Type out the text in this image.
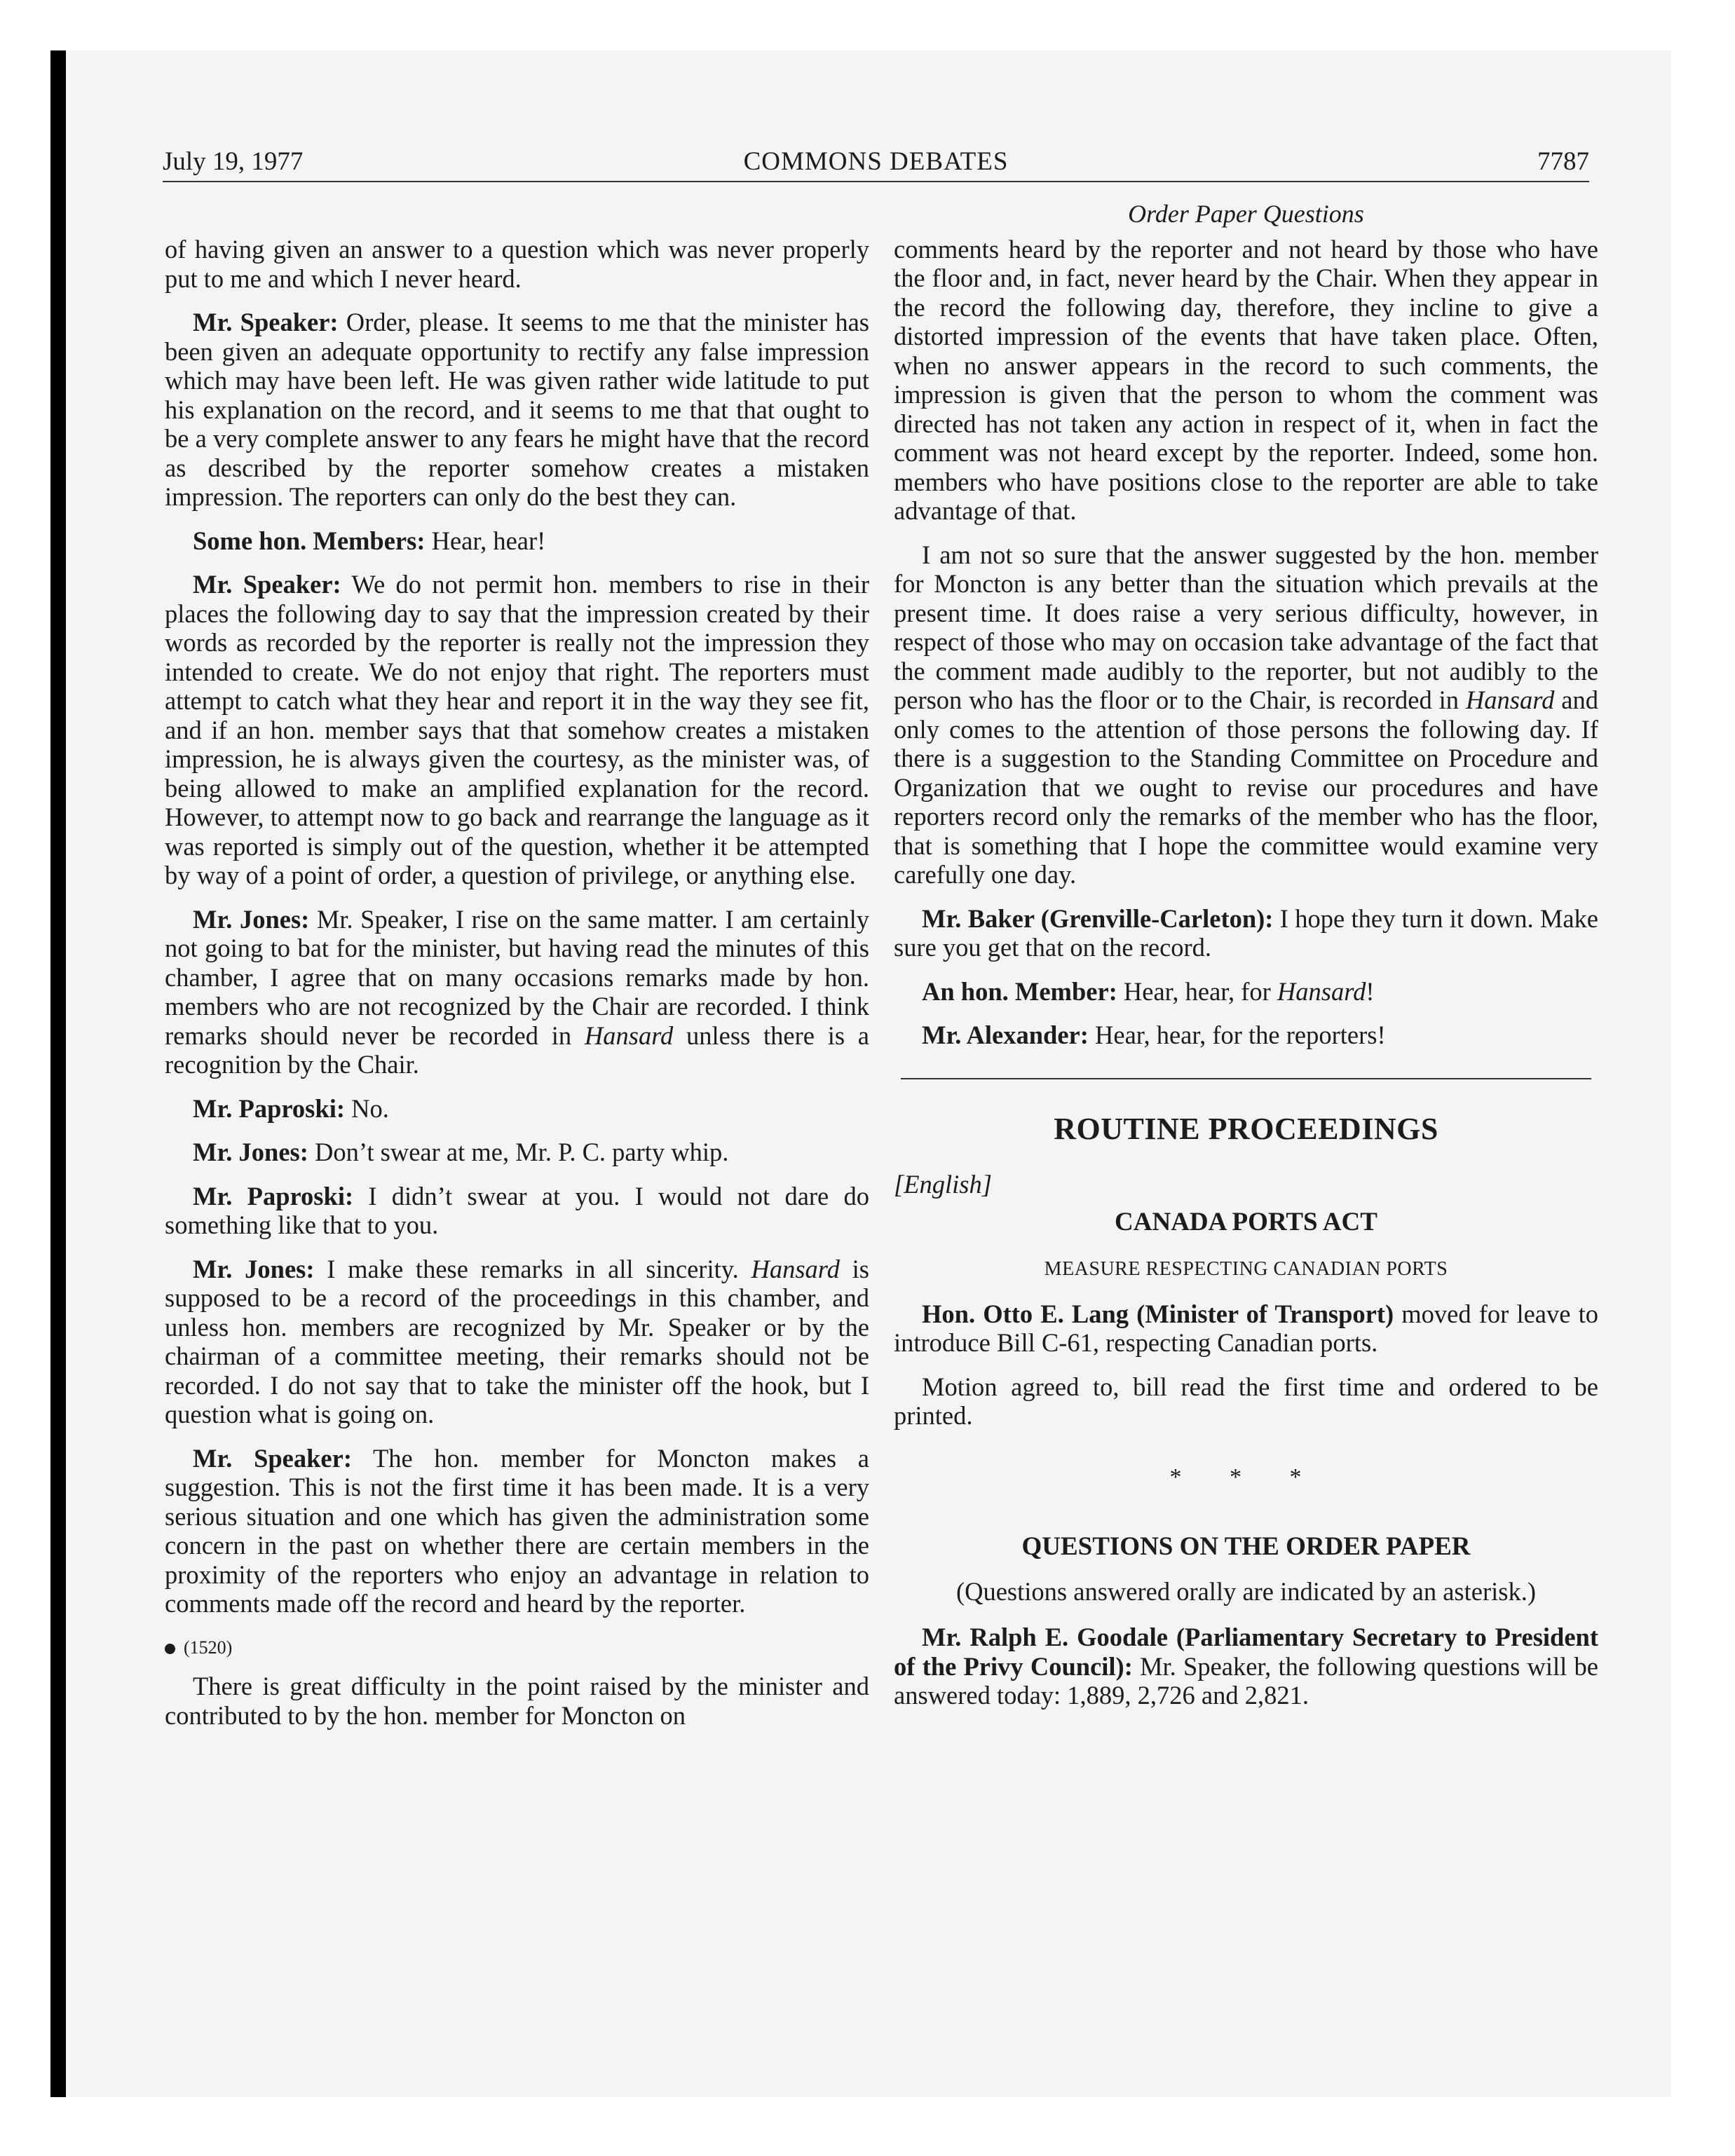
July 19, 1977	COMMONS DEBATES	7787

of having given an answer to a question which was never properly put to me and which I never heard.

Mr. Speaker: Order, please. It seems to me that the minister has been given an adequate opportunity to rectify any false impression which may have been left. He was given rather wide latitude to put his explanation on the record, and it seems to me that that ought to be a very complete answer to any fears he might have that the record as described by the reporter somehow creates a mistaken impression. The reporters can only do the best they can.

Some hon. Members: Hear, hear!

Mr. Speaker: We do not permit hon. members to rise in their places the following day to say that the impression created by their words as recorded by the reporter is really not the impression they intended to create. We do not enjoy that right. The reporters must attempt to catch what they hear and report it in the way they see fit, and if an hon. member says that that somehow creates a mistaken impression, he is always given the courtesy, as the minister was, of being allowed to make an amplified explanation for the record. However, to attempt now to go back and rearrange the language as it was reported is simply out of the question, whether it be attempted by way of a point of order, a question of privilege, or anything else.

Mr. Jones: Mr. Speaker, I rise on the same matter. I am certainly not going to bat for the minister, but having read the minutes of this chamber, I agree that on many occasions remarks made by hon. members who are not recognized by the Chair are recorded. I think remarks should never be recorded in Hansard unless there is a recognition by the Chair.

Mr. Paproski: No.

Mr. Jones: Don’t swear at me, Mr. P. C. party whip.

Mr. Paproski: I didn’t swear at you. I would not dare do something like that to you.

Mr. Jones: I make these remarks in all sincerity. Hansard is supposed to be a record of the proceedings in this chamber, and unless hon. members are recognized by Mr. Speaker or by the chairman of a committee meeting, their remarks should not be recorded. I do not say that to take the minister off the hook, but I question what is going on.

Mr. Speaker: The hon. member for Moncton makes a suggestion. This is not the first time it has been made. It is a very serious situation and one which has given the administration some concern in the past on whether there are certain members in the proximity of the reporters who enjoy an advantage in relation to comments made off the record and heard by the reporter.

(1520)

There is great difficulty in the point raised by the minister and contributed to by the hon. member for Moncton on

Order Paper Questions

comments heard by the reporter and not heard by those who have the floor and, in fact, never heard by the Chair. When they appear in the record the following day, therefore, they incline to give a distorted impression of the events that have taken place. Often, when no answer appears in the record to such comments, the impression is given that the person to whom the comment was directed has not taken any action in respect of it, when in fact the comment was not heard except by the reporter. Indeed, some hon. members who have positions close to the reporter are able to take advantage of that.

I am not so sure that the answer suggested by the hon. member for Moncton is any better than the situation which prevails at the present time. It does raise a very serious difficulty, however, in respect of those who may on occasion take advantage of the fact that the comment made audibly to the reporter, but not audibly to the person who has the floor or to the Chair, is recorded in Hansard and only comes to the attention of those persons the following day. If there is a suggestion to the Standing Committee on Procedure and Organization that we ought to revise our procedures and have reporters record only the remarks of the member who has the floor, that is something that I hope the committee would examine very carefully one day.

Mr. Baker (Grenville-Carleton): I hope they turn it down. Make sure you get that on the record.

An hon. Member: Hear, hear, for Hansard!

Mr. Alexander: Hear, hear, for the reporters!

ROUTINE PROCEEDINGS
[English]
CANADA PORTS ACT
MEASURE RESPECTING CANADIAN PORTS

Hon. Otto E. Lang (Minister of Transport) moved for leave to introduce Bill C-61, respecting Canadian ports.

Motion agreed to, bill read the first time and ordered to be printed.

* * *
QUESTIONS ON THE ORDER PAPER
(Questions answered orally are indicated by an asterisk.)

Mr. Ralph E. Goodale (Parliamentary Secretary to President of the Privy Council): Mr. Speaker, the following questions will be answered today: 1,889, 2,726 and 2,821.
